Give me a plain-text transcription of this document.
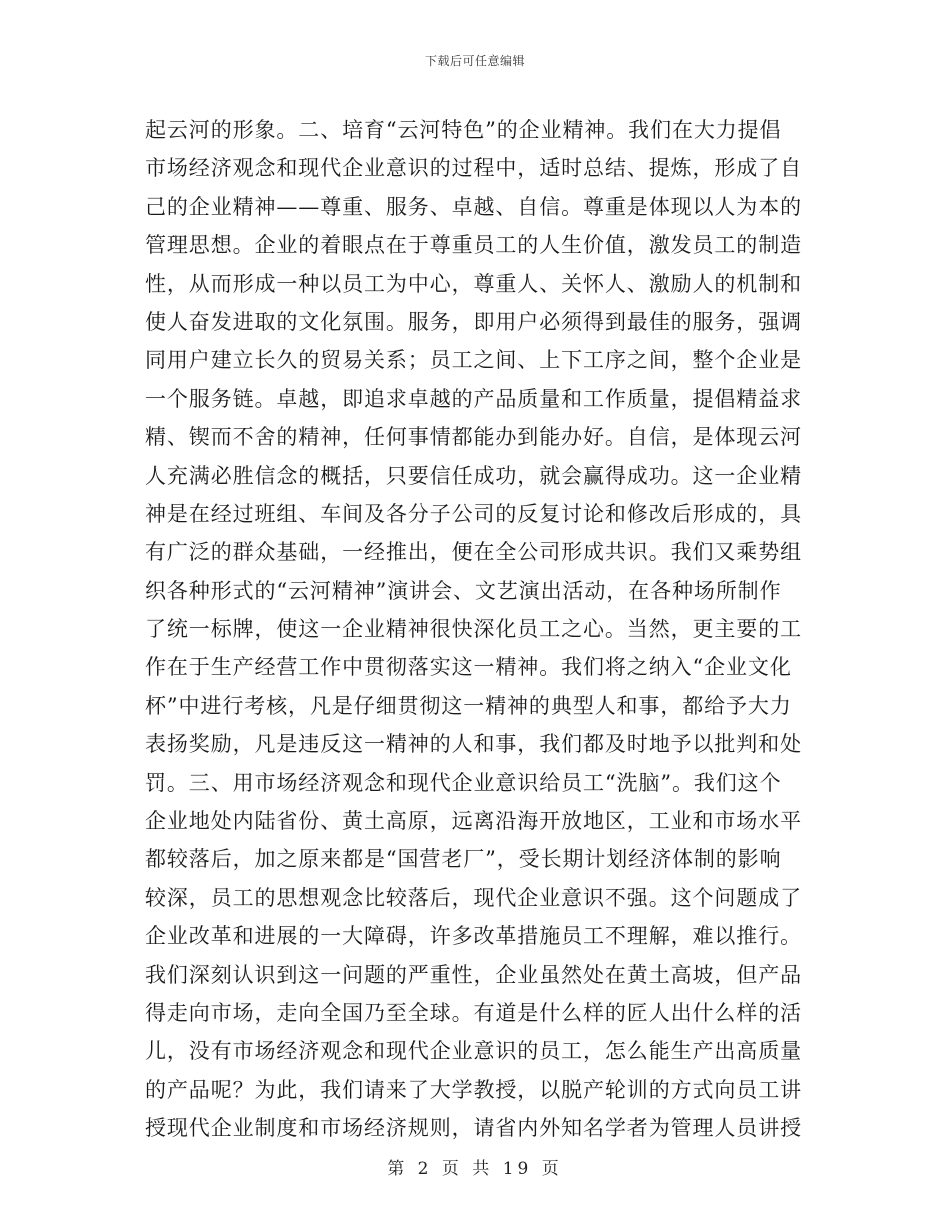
下载后可任意编辑
起云河的形象。二、培育“云河特色”的企业精神。我们在大力提倡
市场经济观念和现代企业意识的过程中，适时总结、提炼，形成了自
己的企业精神——尊重、服务、卓越、自信。尊重是体现以人为本的
管理思想。企业的着眼点在于尊重员工的人生价值，激发员工的制造
性，从而形成一种以员工为中心，尊重人、关怀人、激励人的机制和
使人奋发进取的文化氛围。服务，即用户必须得到最佳的服务，强调
同用户建立长久的贸易关系；员工之间、上下工序之间，整个企业是
一个服务链。卓越，即追求卓越的产品质量和工作质量，提倡精益求
精、锲而不舍的精神，任何事情都能办到能办好。自信，是体现云河
人充满必胜信念的概括，只要信任成功，就会赢得成功。这一企业精
神是在经过班组、车间及各分子公司的反复讨论和修改后形成的，具
有广泛的群众基础，一经推出，便在全公司形成共识。我们又乘势组
织各种形式的“云河精神”演讲会、文艺演出活动，在各种场所制作
了统一标牌，使这一企业精神很快深化员工之心。当然，更主要的工
作在于生产经营工作中贯彻落实这一精神。我们将之纳入“企业文化
杯”中进行考核，凡是仔细贯彻这一精神的典型人和事，都给予大力
表扬奖励，凡是违反这一精神的人和事，我们都及时地予以批判和处
罚。三、用市场经济观念和现代企业意识给员工“洗脑”。我们这个
企业地处内陆省份、黄土高原，远离沿海开放地区，工业和市场水平
都较落后，加之原来都是“国营老厂”，受长期计划经济体制的影响
较深，员工的思想观念比较落后，现代企业意识不强。这个问题成了
企业改革和进展的一大障碍，许多改革措施员工不理解，难以推行。
我们深刻认识到这一问题的严重性，企业虽然处在黄土高坡，但产品
得走向市场，走向全国乃至全球。有道是什么样的匠人出什么样的活
儿，没有市场经济观念和现代企业意识的员工，怎么能生产出高质量
的产品呢？为此，我们请来了大学教授，以脱产轮训的方式向员工讲
授现代企业制度和市场经济规则，请省内外知名学者为管理人员讲授
第 2 页 共 19 页
